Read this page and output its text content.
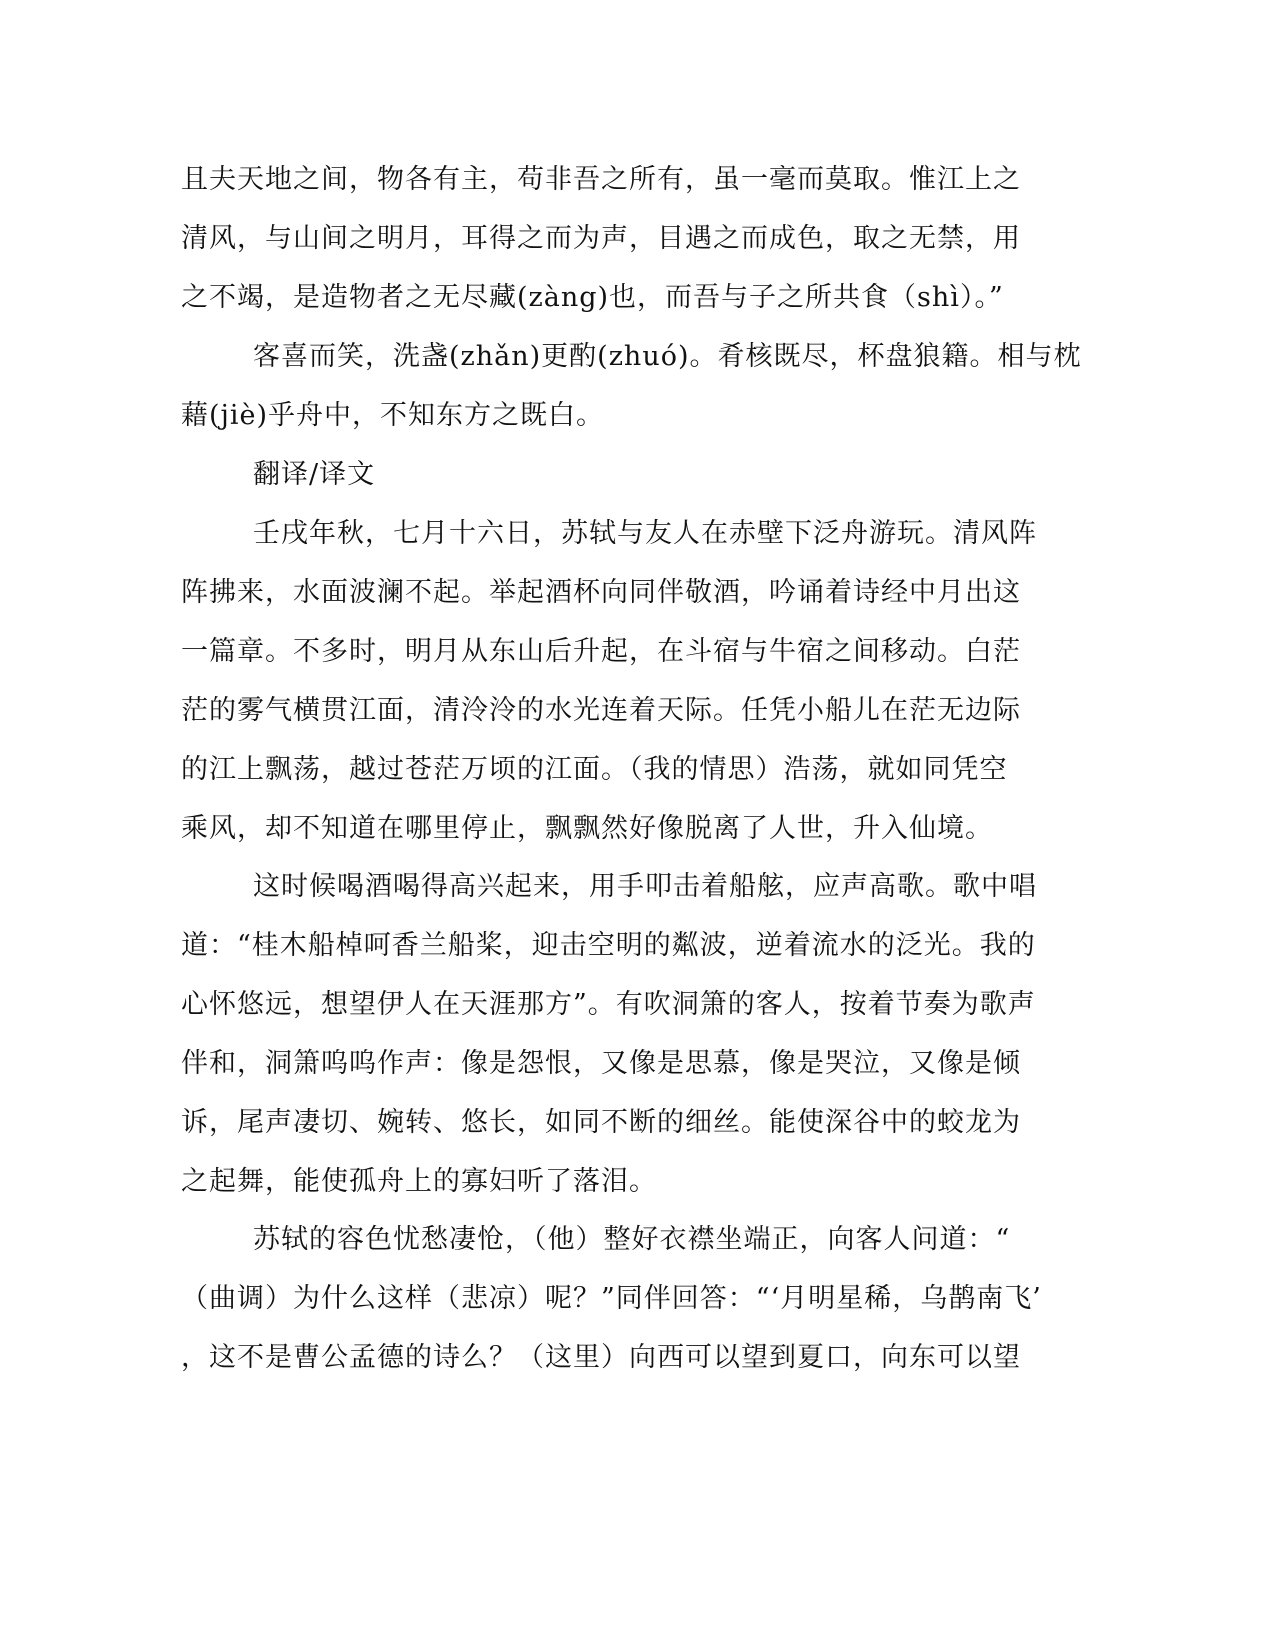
且夫天地之间，物各有主，苟非吾之所有，虽一毫而莫取。惟江上之
清风，与山间之明月，耳得之而为声，目遇之而成色，取之无禁，用
之不竭，是造物者之无尽藏(zàng)也，而吾与子之所共食（shì）。”
客喜而笑，洗盏(zhǎn)更酌(zhuó)。肴核既尽，杯盘狼籍。相与枕
藉(jiè)乎舟中，不知东方之既白。
翻译/译文
壬戌年秋，七月十六日，苏轼与友人在赤壁下泛舟游玩。清风阵
阵拂来，水面波澜不起。举起酒杯向同伴敬酒，吟诵着诗经中月出这
一篇章。不多时，明月从东山后升起，在斗宿与牛宿之间移动。白茫
茫的雾气横贯江面，清泠泠的水光连着天际。任凭小船儿在茫无边际
的江上飘荡，越过苍茫万顷的江面。（我的情思）浩荡，就如同凭空
乘风，却不知道在哪里停止，飘飘然好像脱离了人世，升入仙境。
这时候喝酒喝得高兴起来，用手叩击着船舷，应声高歌。歌中唱
道：“桂木船棹呵香兰船桨，迎击空明的粼波，逆着流水的泛光。我的
心怀悠远，想望伊人在天涯那方”。有吹洞箫的客人，按着节奏为歌声
伴和，洞箫呜呜作声：像是怨恨，又像是思慕，像是哭泣，又像是倾
诉，尾声凄切、婉转、悠长，如同不断的细丝。能使深谷中的蛟龙为
之起舞，能使孤舟上的寡妇听了落泪。
苏轼的容色忧愁凄怆，（他）整好衣襟坐端正，向客人问道：“
（曲调）为什么这样（悲凉）呢？”同伴回答：“‘月明星稀，乌鹊南飞’
，这不是曹公孟德的诗么？（这里）向西可以望到夏口，向东可以望
